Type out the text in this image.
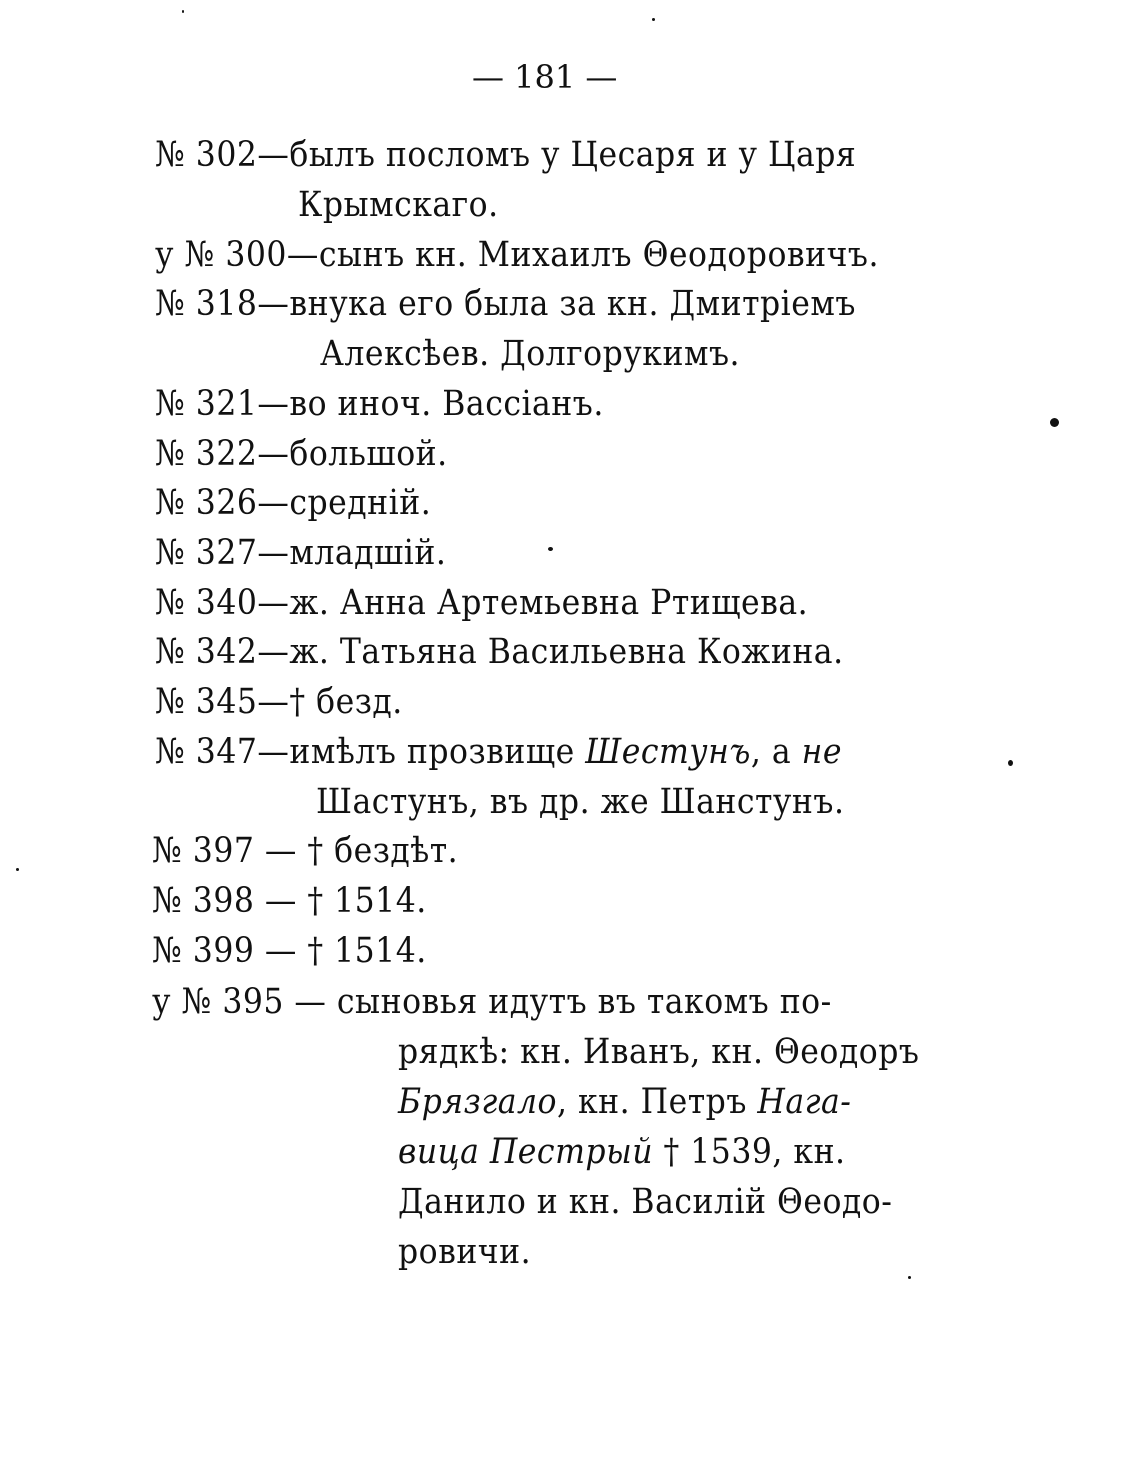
— 181 —
№ 302—былъ посломъ у Цесаря и у Царя
Крымскаго.
у № 300—сынъ кн. Михаилъ Θеодоровичъ.
№ 318—внука его была за кн. Дмитріемъ
Алексѣев. Долгорукимъ.
№ 321—во иноч. Вассіанъ.
№ 322—большой.
№ 326—среднiй.
№ 327—младшiй.
№ 340—ж. Анна Артемьевна Ртищева.
№ 342—ж. Татьяна Васильевна Кожина.
№ 345—† безд.
№ 347—имѣлъ прозвище Шестунъ, а не
Шастунъ, въ др. же Шанстунъ.
№ 397 — † бездѣт.
№ 398 — † 1514.
№ 399 — † 1514.
у № 395 — сыновья идутъ въ такомъ по-
рядкѣ: кн. Иванъ, кн. Θеодоръ
Брязгало, кн. Петръ Нага-
вица Пестрый † 1539, кн.
Данило и кн. Василiй Θеодо-
ровичи.
